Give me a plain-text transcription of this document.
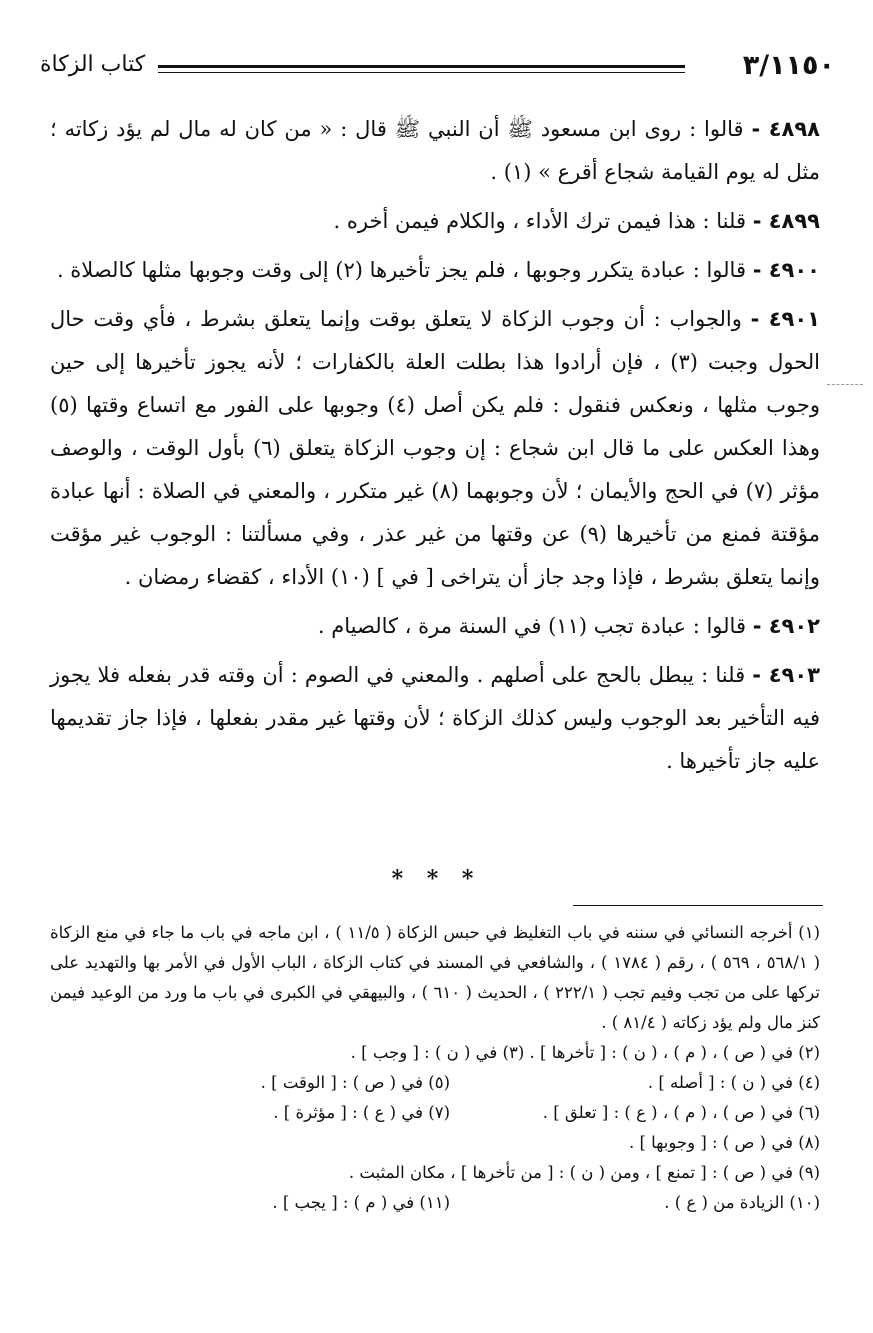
٣/١١٥٠
كتاب الزكاة

٤٨٩٨ - قالوا : روى ابن مسعود ﷺ أن النبي ﷺ قال : « من كان له مال لم يؤد زكاته ؛ مثل له يوم القيامة شجاع أقرع » (١) .

٤٨٩٩ - قلنا : هذا فيمن ترك الأداء ، والكلام فيمن أخره .

٤٩٠٠ - قالوا : عبادة يتكرر وجوبها ، فلم يجز تأخيرها (٢) إلى وقت وجوبها مثلها كالصلاة .

٤٩٠١ - والجواب : أن وجوب الزكاة لا يتعلق بوقت وإنما يتعلق بشرط ، فأي وقت حال الحول وجبت (٣) ، فإن أرادوا هذا بطلت العلة بالكفارات ؛ لأنه يجوز تأخيرها إلى حين وجوب مثلها ، ونعكس فنقول : فلم يكن أصل (٤) وجوبها على الفور مع اتساع وقتها (٥) وهذا العكس على ما قال ابن شجاع : إن وجوب الزكاة يتعلق (٦) بأول الوقت ، والوصف مؤثر (٧) في الحج والأيمان ؛ لأن وجوبهما (٨) غير متكرر ، والمعني في الصلاة : أنها عبادة مؤقتة فمنع من تأخيرها (٩) عن وقتها من غير عذر ، وفي مسألتنا : الوجوب غير مؤقت وإنما يتعلق بشرط ، فإذا وجد جاز أن يتراخى [ في ] (١٠) الأداء ، كقضاء رمضان .

٤٩٠٢ - قالوا : عبادة تجب (١١) في السنة مرة ، كالصيام .

٤٩٠٣ - قلنا : يبطل بالحج على أصلهم . والمعني في الصوم : أن وقته قدر بفعله فلا يجوز فيه التأخير بعد الوجوب وليس كذلك الزكاة ؛ لأن وقتها غير مقدر بفعلها ، فإذا جاز تقديمها عليه جاز تأخيرها .

* * *

(١) أخرجه النسائي في سننه في باب التغليظ في حبس الزكاة ( ١١/٥ ) ، ابن ماجه في باب ما جاء في منع الزكاة ( ٥٦٨/١ ، ٥٦٩ ) ، رقم ( ١٧٨٤ ) ، والشافعي في المسند في كتاب الزكاة ، الباب الأول في الأمر بها والتهديد على تركها على من تجب وفيم تجب ( ٢٢٢/١ ) ، الحديث ( ٦١٠ ) ، والبيهقي في الكبرى في باب ما ورد من الوعيد فيمن كنز مال ولم يؤد زكاته ( ٨١/٤ ) .

(٢) في ( ص ) ، ( م ) ، ( ن ) : [ تأخرها ] . (٣) في ( ن ) : [ وجب ] .

(٤) في ( ن ) : [ أصله ] .
(٥) في ( ص ) : [ الوقت ] .
(٦) في ( ص ) ، ( م ) ، ( ع ) : [ تعلق ] .
(٧) في ( ع ) : [ مؤثرة ] .

(٨) في ( ص ) : [ وجوبها ] .

(٩) في ( ص ) : [ تمنع ] ، ومن ( ن ) : [ من تأخرها ] ، مكان المثبت .

(١٠) الزيادة من ( ع ) .
(١١) في ( م ) : [ يجب ] .
